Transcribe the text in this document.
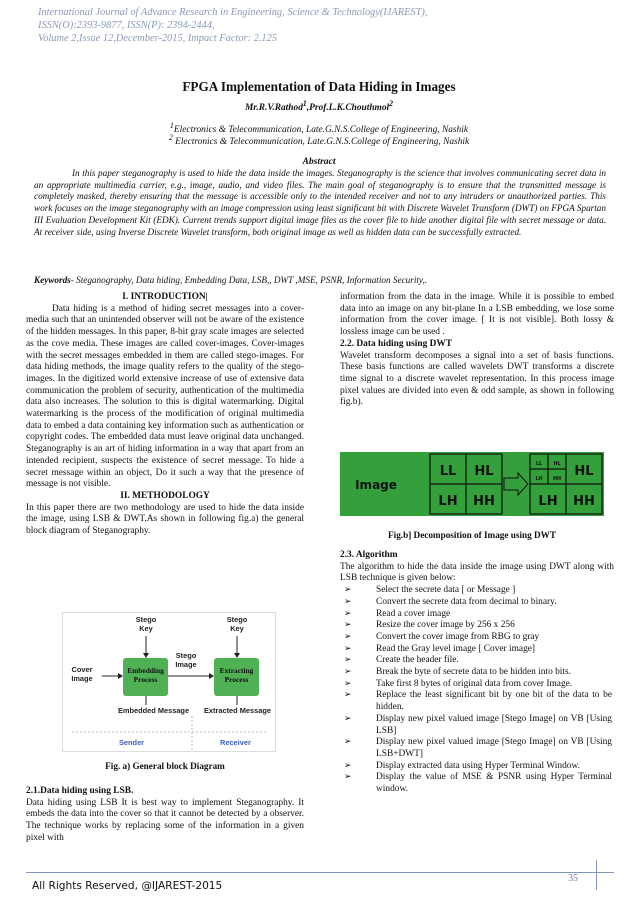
International Journal of Advance Research in Engineering, Science & Technology(IJAREST),
ISSN(O):2393-9877, ISSN(P): 2394-2444,
Volume 2,Issue 12,December-2015, Impact Factor: 2.125
FPGA Implementation of Data Hiding in Images
Mr.R.V.Rathod$^1$,Prof.L.K.Chouthmol$^2$
$^1$Electronics & Telecommunication, Late.G.N.S.College of Engineering, Nashik
$^2$ Electronics & Telecommunication, Late.G.N.S.College of Engineering, Nashik
Abstract
In this paper steganography is used to hide the data inside the images. Steganography is the science that involves communicating secret data in an appropriate multimedia carrier, e.g., image, audio, and video files. The main goal of steganography is to ensure that the transmitted message is completely masked, thereby ensuring that the message is accessible only to the intended receiver and not to any intruders or unauthorized parties. This work focuses on the image steganography with an image compression using least significant bit with Discrete Wavelet Transform (DWT) on FPGA Spartan III Evaluation Development Kit (EDK). Current trends support digital image files as the cover file to hide another digital file with secret message or data. At receiver side, using Inverse Discrete Wavelet transform, both original image as well as hidden data can be successfully extracted.
Keywords- Steganography, Data hiding, Embedding Data, LSB,, DWT ,MSE, PSNR, Information Security,.

I. INTRODUCTION|

Data hiding is a method of hiding secret messages into a cover-media such that an unintended observer will not be aware of the existence of the hidden messages. In this paper, 8-bit gray scale images are selected as the cove media. These images are called cover-images. Cover-images with the secret messages embedded in them are called stego-images. For data hiding methods, the image quality refers to the quality of the stego-images. In the digitized world extensive increase of use of extensive data communication the problem of security, authentication of the multimedia data also increases. The solution to this is digital watermarking. Digital watermarking is the process of the modification of original multimedia data to embed a data containing key information such as authentication or copyright codes. The embedded data must leave original data unchanged. Steganography is an art of hiding information in a way that apart from an intended recipient, suspects the existence of secret message. To hide a secret message within an object, Do it such a way that the presence of message is not visible.

II. METHODOLOGY

In this paper there are two methodology are used to hide the data inside the image, using LSB & DWT.As shown in following fig.a) the general block diagram of Steganography.

Stego Key
Stego Key
Stego Image
Cover Image
Embedded Message Extracted Message
Embedding Process
Extracting Process
Sender	Receiver
Fig. a) General block Diagram

2.1.Data hiding using LSB.

Data hiding using LSB It is best way to implement Steganography. It embeds the data into the cover so that it cannot be detected by a observer. The technique works by replacing some of the information in a given pixel with

information from the data in the image. While it is possible to embed data into an image on any bit-plane In a LSB embedding, we lose some information from the cover image. [ It is not visible]. Both lossy & lossless image can be used .

2.2. Data hiding using DWT

Wavelet transform decomposes a signal into a set of basis functions. These basis functions are called wavelets DWT transforms a discrete time signal to a discrete wavelet representation. In this process image pixel values are divided into even & odd sample, as shown in following fig.b).

Image
LL HL
LH HH
LL HL
LH HH
HL
LH HH
Fig.b] Decomposition of Image using DWT

2.3. Algorithm

The algorithm to hide the data inside the image using DWT along with LSB technique is given below:

➢	Select the secrete data [ or Message ]
➢	Convert the secrete data from decimal to binary.
➢	Read a cover image
➢	Resize the cover image by 256 x 256
➢	Convert the cover image from RBG to gray
➢	Read the Gray level image [ Cover image]
➢	Create the header file.
➢	Break the byte of secrete data to be hidden into bits.
➢	Take first 8 bytes of original data from cover Image.
➢	Replace the least significant bit by one bit of the data to be hidden.
➢	Display new pixel valued image [Stego Image] on VB [Using LSB]
➢	Display new pixel valued image [Stego Image] on VB [Using LSB+DWT]
➢	Display extracted data using Hyper Terminal Window.
➢	Display the value of MSE & PSNR using Hyper Terminal window.
All Rights Reserved, @IJAREST-2015
35
